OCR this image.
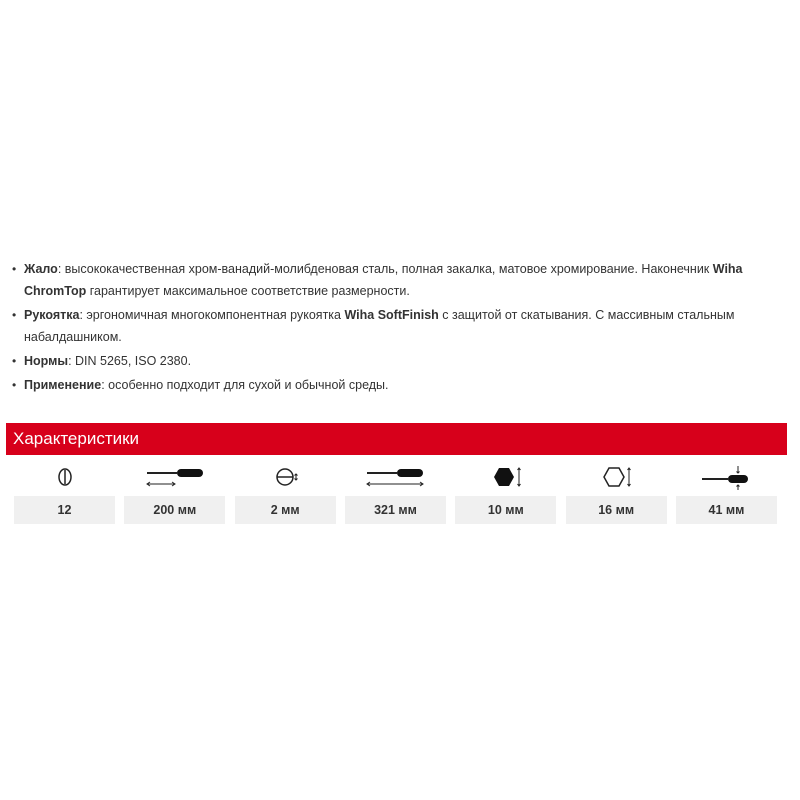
• Жало: высококачественная хром-ванадий-молибденовая сталь, полная закалка, матовое хромирование. Наконечник Wiha ChromTop гарантирует максимальное соответствие размерности.
• Рукоятка: эргономичная многокомпонентная рукоятка Wiha SoftFinish с защитой от скатывания. С массивным стальным набалдашником.
• Нормы: DIN 5265, ISO 2380.
• Применение: особенно подходит для сухой и обычной среды.
Характеристики
12	200 мм	2 мм	321 мм	10 мм	16 мм	41 мм
